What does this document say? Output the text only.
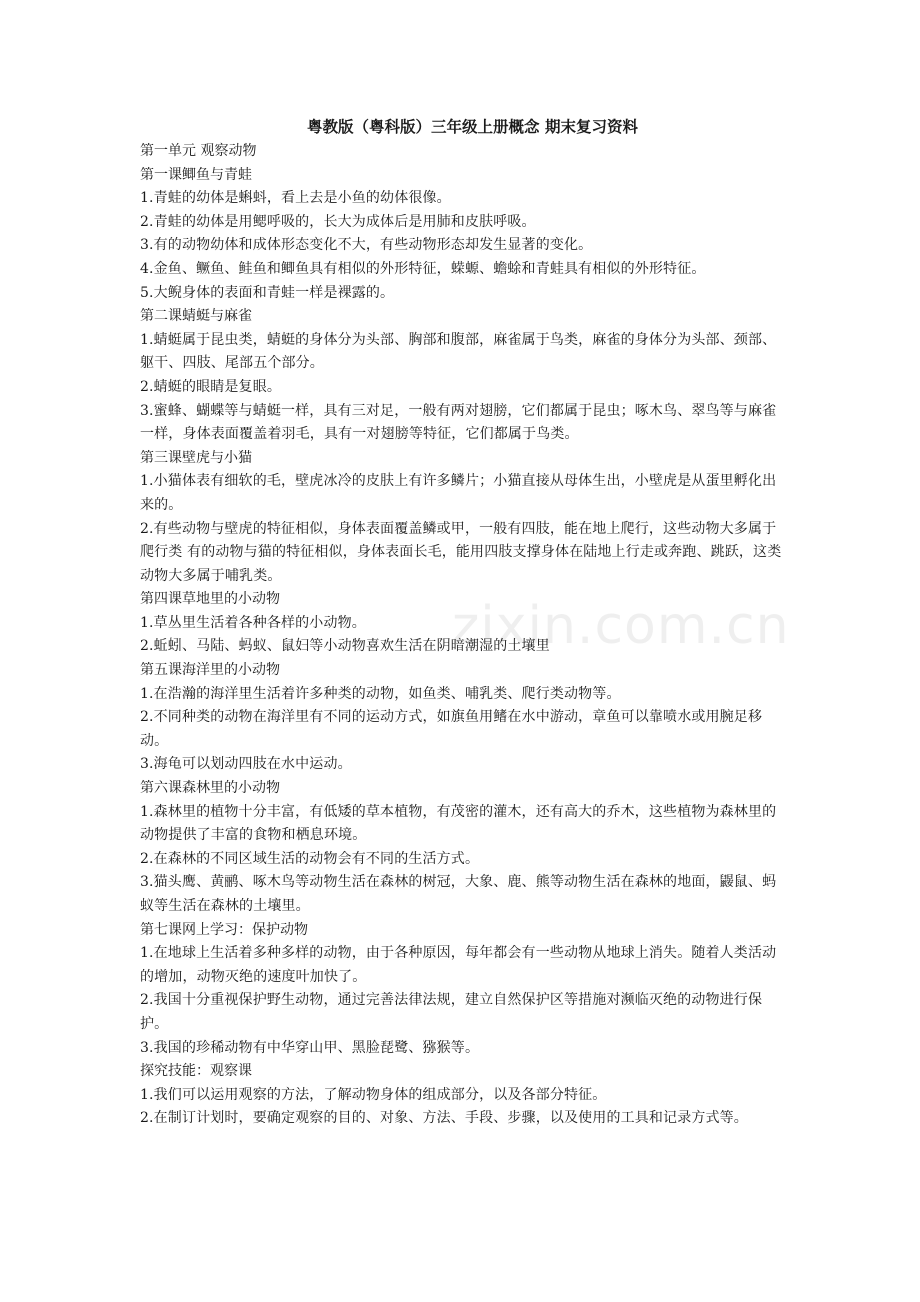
zixin.com.cn
粤教版（粤科版）三年级上册概念 期末复习资料

第一单元 观察动物

第一课鲫鱼与青蛙

1.青蛙的幼体是蝌蚪，看上去是小鱼的幼体很像。

2.青蛙的幼体是用鳃呼吸的，长大为成体后是用肺和皮肤呼吸。

3.有的动物幼体和成体形态变化不大，有些动物形态却发生显著的变化。

4.金鱼、鳜鱼、鲑鱼和鲫鱼具有相似的外形特征，蝾螈、蟾蜍和青蛙具有相似的外形特征。

5.大鲵身体的表面和青蛙一样是裸露的。

第二课蜻蜓与麻雀

1.蜻蜓属于昆虫类，蜻蜓的身体分为头部、胸部和腹部，麻雀属于鸟类，麻雀的身体分为头部、颈部、躯干、四肢、尾部五个部分。

2.蜻蜓的眼睛是复眼。

3.蜜蜂、蝴蝶等与蜻蜓一样，具有三对足，一般有两对翅膀，它们都属于昆虫；啄木鸟、翠鸟等与麻雀一样，身体表面覆盖着羽毛，具有一对翅膀等特征，它们都属于鸟类。

第三课壁虎与小猫

1.小猫体表有细软的毛，壁虎冰冷的皮肤上有许多鳞片；小猫直接从母体生出，小壁虎是从蛋里孵化出来的。

2.有些动物与壁虎的特征相似，身体表面覆盖鳞或甲，一般有四肢，能在地上爬行，这些动物大多属于爬行类 有的动物与猫的特征相似，身体表面长毛，能用四肢支撑身体在陆地上行走或奔跑、跳跃，这类动物大多属于哺乳类。

第四课草地里的小动物

1.草丛里生活着各种各样的小动物。

2.蚯蚓、马陆、蚂蚁、鼠妇等小动物喜欢生活在阴暗潮湿的土壤里

第五课海洋里的小动物

1.在浩瀚的海洋里生活着许多种类的动物，如鱼类、哺乳类、爬行类动物等。

2.不同种类的动物在海洋里有不同的运动方式，如旗鱼用鳍在水中游动，章鱼可以靠喷水或用腕足移动。

3.海龟可以划动四肢在水中运动。

第六课森林里的小动物

1.森林里的植物十分丰富，有低矮的草本植物，有茂密的灌木，还有高大的乔木，这些植物为森林里的动物提供了丰富的食物和栖息环境。

2.在森林的不同区域生活的动物会有不同的生活方式。

3.猫头鹰、黄鹂、啄木鸟等动物生活在森林的树冠，大象、鹿、熊等动物生活在森林的地面，鼹鼠、蚂蚁等生活在森林的土壤里。

第七课网上学习：保护动物

1.在地球上生活着多种多样的动物，由于各种原因，每年都会有一些动物从地球上消失。随着人类活动的增加，动物灭绝的速度叶加快了。

2.我国十分重视保护野生动物，通过完善法律法规，建立自然保护区等措施对濒临灭绝的动物进行保护。

3.我国的珍稀动物有中华穿山甲、黑脸琵鹭、猕猴等。

探究技能：观察课

1.我们可以运用观察的方法，了解动物身体的组成部分，以及各部分特征。

2.在制订计划时，要确定观察的目的、对象、方法、手段、步骤，以及使用的工具和记录方式等。
